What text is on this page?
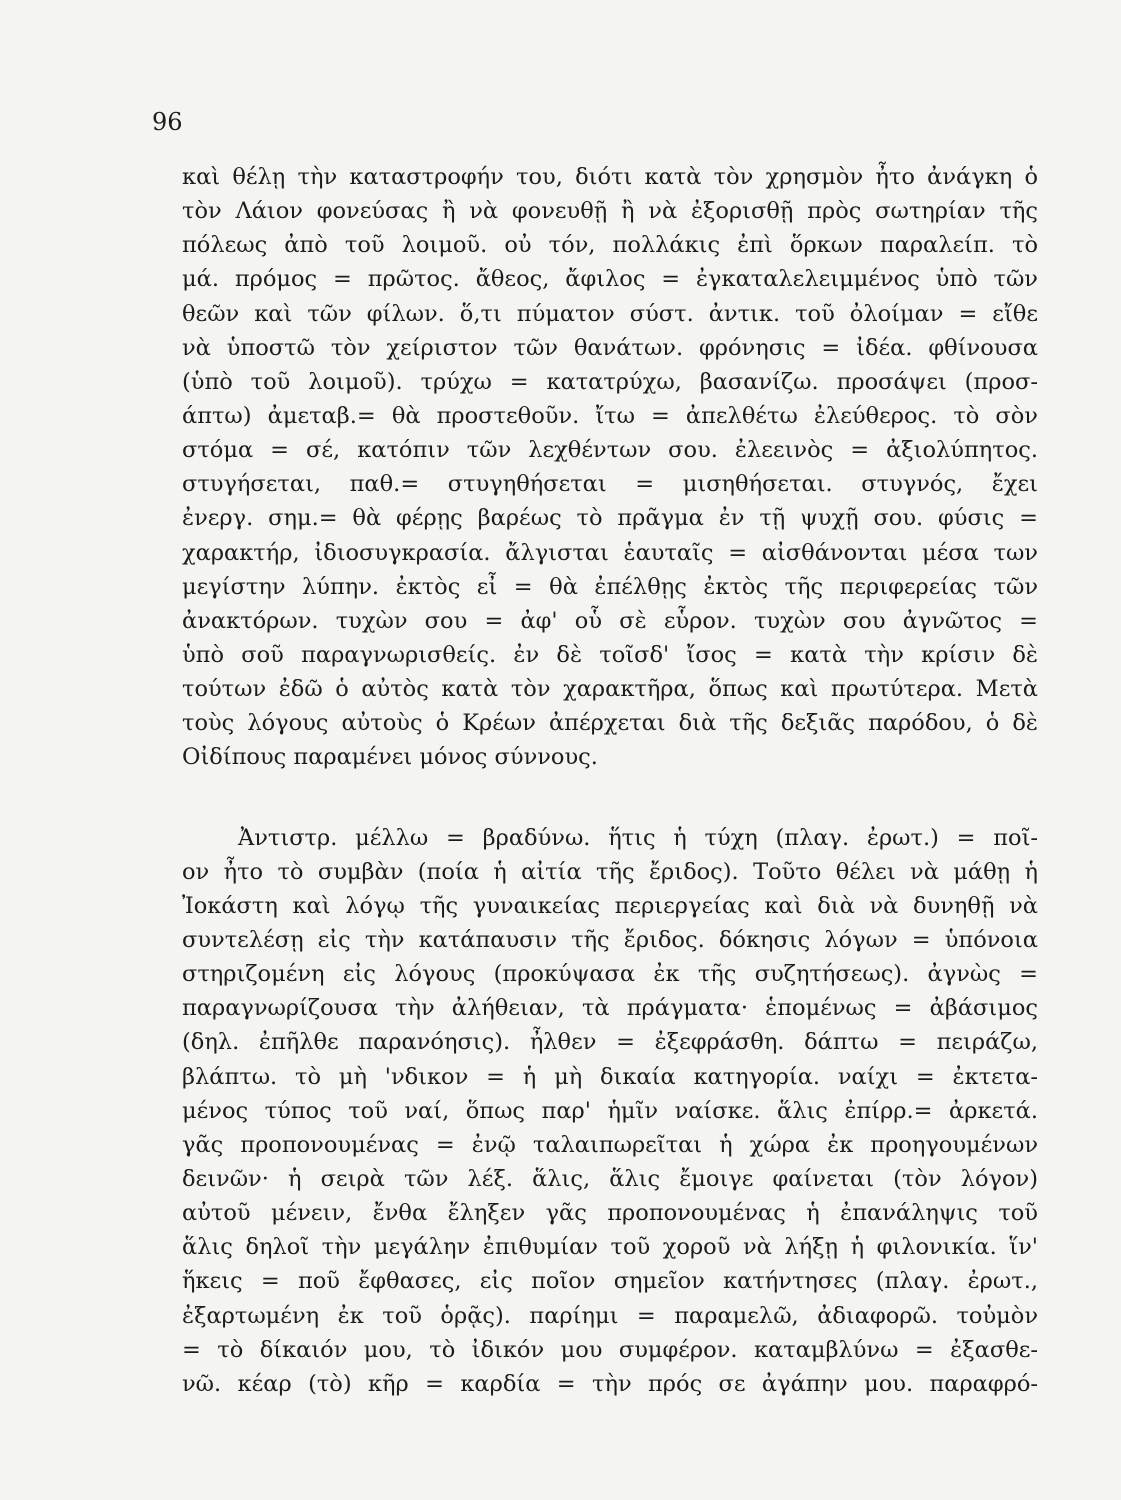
96
καὶ θέλῃ τὴν καταστροφήν του, διότι κατὰ τὸν χρησμὸν ἦτο ἀνάγκη ὁ
τὸν Λάιον φονεύσας ἢ νὰ φονευθῇ ἢ νὰ ἐξορισθῇ πρὸς σωτηρίαν τῆς
πόλεως ἀπὸ τοῦ λοιμοῦ. οὐ τόν, πολλάκις ἐπὶ ὅρκων παραλείπ. τὸ
μά. πρόμος = πρῶτος. ἄθεος, ἄφιλος = ἐγκαταλελειμμένος ὑπὸ τῶν
θεῶν καὶ τῶν φίλων. ὅ,τι πύματον σύστ. ἀντικ. τοῦ ὀλοίμαν = εἴθε
νὰ ὑποστῶ τὸν χείριστον τῶν θανάτων. φρόνησις = ἰδέα. φθίνουσα
(ὑπὸ τοῦ λοιμοῦ). τρύχω = κατατρύχω, βασανίζω. προσάψει (προσ-
άπτω) ἀμεταβ.= θὰ προστεθοῦν. ἴτω = ἀπελθέτω ἐλεύθερος. τὸ σὸν
στόμα = σέ, κατόπιν τῶν λεχθέντων σου. ἐλεεινὸς = ἀξιολύπητος.
στυγήσεται, παθ.= στυγηθήσεται = μισηθήσεται. στυγνός, ἔχει
ἐνεργ. σημ.= θὰ φέρῃς βαρέως τὸ πρᾶγμα ἐν τῇ ψυχῇ σου. φύσις =
χαρακτήρ, ἰδιοσυγκρασία. ἄλγισται ἑαυταῖς = αἰσθάνονται μέσα των
μεγίστην λύπην. ἐκτὸς εἶ = θὰ ἐπέλθῃς ἐκτὸς τῆς περιφερείας τῶν
ἀνακτόρων. τυχὼν σου = ἀφ' οὗ σὲ εὗρον. τυχὼν σου ἀγνῶτος =
ὑπὸ σοῦ παραγνωρισθείς. ἐν δὲ τοῖσδ' ἴσος = κατὰ τὴν κρίσιν δὲ
τούτων ἐδῶ ὁ αὐτὸς κατὰ τὸν χαρακτῆρα, ὅπως καὶ πρωτύτερα. Μετὰ
τοὺς λόγους αὐτοὺς ὁ Κρέων ἀπέρχεται διὰ τῆς δεξιᾶς παρόδου, ὁ δὲ
Οἰδίπους παραμένει μόνος σύννους.
Ἀντιστρ. μέλλω = βραδύνω. ἥτις ἡ τύχη (πλαγ. ἐρωτ.) = ποῖ-
ον ἦτο τὸ συμβὰν (ποία ἡ αἰτία τῆς ἔριδος). Τοῦτο θέλει νὰ μάθῃ ἡ
Ἰοκάστη καὶ λόγῳ τῆς γυναικείας περιεργείας καὶ διὰ νὰ δυνηθῇ νὰ
συντελέσῃ εἰς τὴν κατάπαυσιν τῆς ἔριδος. δόκησις λόγων = ὑπόνοια
στηριζομένη εἰς λόγους (προκύψασα ἐκ τῆς συζητήσεως). ἀγνὼς =
παραγνωρίζουσα τὴν ἀλήθειαν, τὰ πράγματα· ἑπομένως = ἀβάσιμος
(δηλ. ἐπῆλθε παρανόησις). ἦλθεν = ἐξεφράσθη. δάπτω = πειράζω,
βλάπτω. τὸ μὴ 'νδικον = ἡ μὴ δικαία κατηγορία. ναίχι = ἐκτετα-
μένος τύπος τοῦ ναί, ὅπως παρ' ἡμῖν ναίσκε. ἅλις ἐπίρρ.= ἀρκετά.
γᾶς προπονουμένας = ἐνῷ ταλαιπωρεῖται ἡ χώρα ἐκ προηγουμένων
δεινῶν· ἡ σειρὰ τῶν λέξ. ἅλις, ἅλις ἔμοιγε φαίνεται (τὸν λόγον)
αὐτοῦ μένειν, ἔνθα ἔληξεν γᾶς προπονουμένας ἡ ἐπανάληψις τοῦ
ἅλις δηλοῖ τὴν μεγάλην ἐπιθυμίαν τοῦ χοροῦ νὰ λήξῃ ἡ φιλονικία. ἵν'
ἥκεις = ποῦ ἔφθασες, εἰς ποῖον σημεῖον κατήντησες (πλαγ. ἐρωτ.,
ἐξαρτωμένη ἐκ τοῦ ὁρᾷς). παρίημι = παραμελῶ, ἀδιαφορῶ. τοὐμὸν
= τὸ δίκαιόν μου, τὸ ἰδικόν μου συμφέρον. καταμβλύνω = ἐξασθε-
νῶ. κέαρ (τὸ) κῆρ = καρδία = τὴν πρός σε ἀγάπην μου. παραφρό-
